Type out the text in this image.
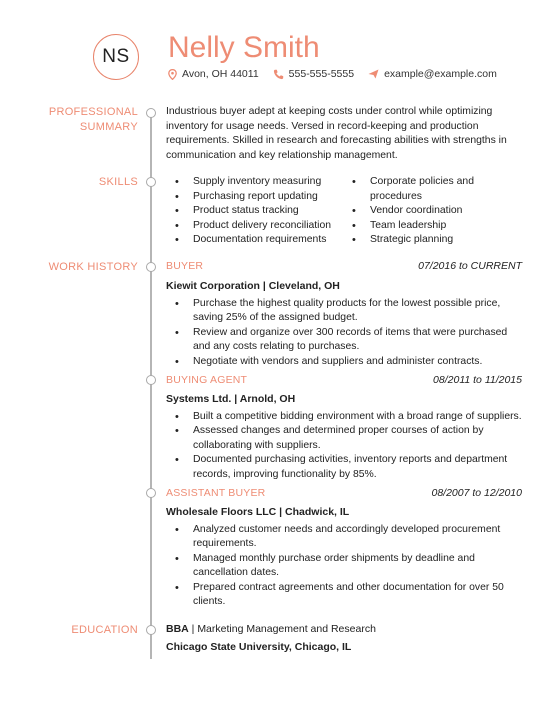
NS Nelly Smith
Avon, OH 44011	555-555-5555	example@example.com
PROFESSIONAL
SUMMARY
Industrious buyer adept at keeping costs under control while optimizing inventory for usage needs. Versed in record-keeping and production requirements. Skilled in research and forecasting abilities with strengths in communication and key relationship management.
SKILLS
•	Supply inventory measuring
• Purchasing report updating
• Product status tracking
• Product delivery reconciliation
• Documentation requirements
• Corporate policies and procedures
• Vendor coordination
• Team leadership
• Strategic planning
WORK HISTORY	BUYER	07/2016 to CURRENT
Kiewit Corporation | Cleveland, OH
• Purchase the highest quality products for the lowest possible price, saving 25% of the assigned budget.
• Review and organize over 300 records of items that were purchased and any costs relating to purchases.
• Negotiate with vendors and suppliers and administer contracts.
BUYING AGENT	08/2011 to 11/2015
Systems Ltd. | Arnold, OH
• Built a competitive bidding environment with a broad range of suppliers.
• Assessed changes and determined proper courses of action by collaborating with suppliers.
• Documented purchasing activities, inventory reports and department records, improving functionality by 85%.
ASSISTANT BUYER	08/2007 to 12/2010
Wholesale Floors LLC | Chadwick, IL
• Analyzed customer needs and accordingly developed procurement requirements.
• Managed monthly purchase order shipments by deadline and cancellation dates.
• Prepared contract agreements and other documentation for over 50 clients.
EDUCATION	BBA | Marketing Management and Research
Chicago State University, Chicago, IL
